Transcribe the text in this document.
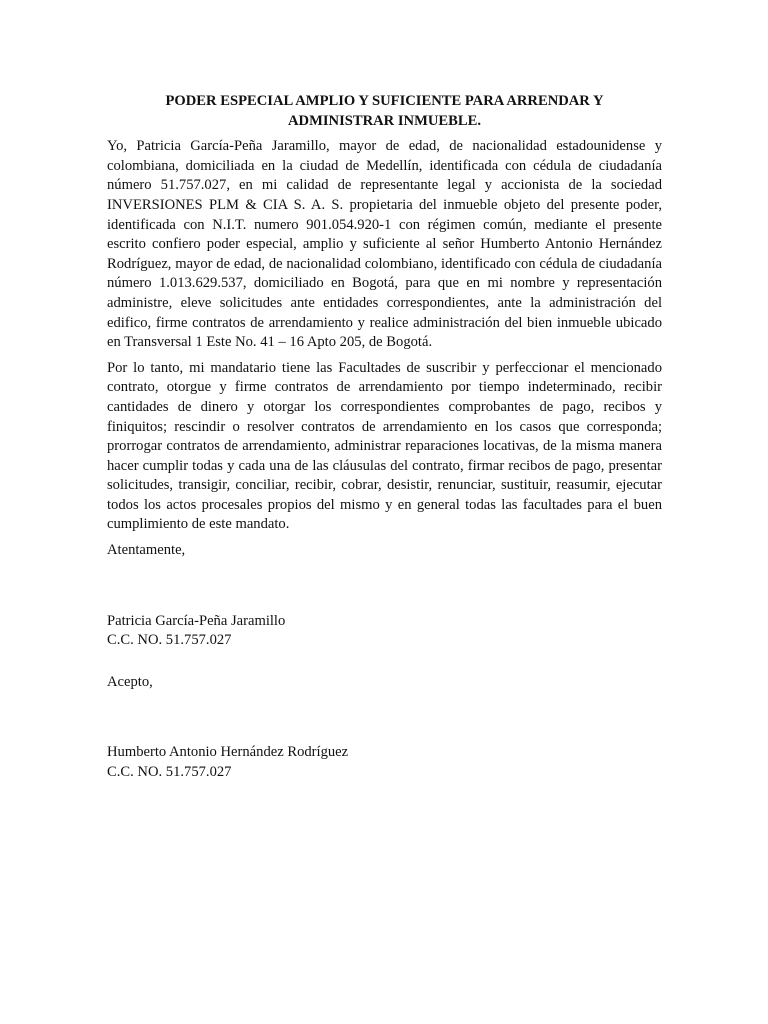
PODER ESPECIAL AMPLIO Y SUFICIENTE PARA ARRENDAR Y ADMINISTRAR INMUEBLE.

Yo, Patricia García-Peña Jaramillo, mayor de edad, de nacionalidad estadounidense y colombiana, domiciliada en la ciudad de Medellín, identificada con cédula de ciudadanía número 51.757.027, en mi calidad de representante legal y accionista de la sociedad INVERSIONES PLM & CIA S. A. S. propietaria del inmueble objeto del presente poder, identificada con N.I.T. numero 901.054.920-1 con régimen común, mediante el presente escrito confiero poder especial, amplio y suficiente al señor Humberto Antonio Hernández Rodríguez, mayor de edad, de nacionalidad colombiano, identificado con cédula de ciudadanía número 1.013.629.537, domiciliado en Bogotá, para que en mi nombre y representación administre, eleve solicitudes ante entidades correspondientes, ante la administración del edifico, firme contratos de arrendamiento y realice administración del bien inmueble ubicado en Transversal 1 Este No. 41 – 16 Apto 205, de Bogotá.

Por lo tanto, mi mandatario tiene las Facultades de suscribir y perfeccionar el mencionado contrato, otorgue y firme contratos de arrendamiento por tiempo indeterminado, recibir cantidades de dinero y otorgar los correspondientes comprobantes de pago, recibos y finiquitos; rescindir o resolver contratos de arrendamiento en los casos que corresponda; prorrogar contratos de arrendamiento, administrar reparaciones locativas, de la misma manera hacer cumplir todas y cada una de las cláusulas del contrato, firmar recibos de pago, presentar solicitudes, transigir, conciliar, recibir, cobrar, desistir, renunciar, sustituir, reasumir, ejecutar todos los actos procesales propios del mismo y en general todas las facultades para el buen cumplimiento de este mandato.

Atentamente,

Patricia García-Peña Jaramillo

C.C. NO. 51.757.027

Acepto,

Humberto Antonio Hernández Rodríguez

C.C. NO. 51.757.027
